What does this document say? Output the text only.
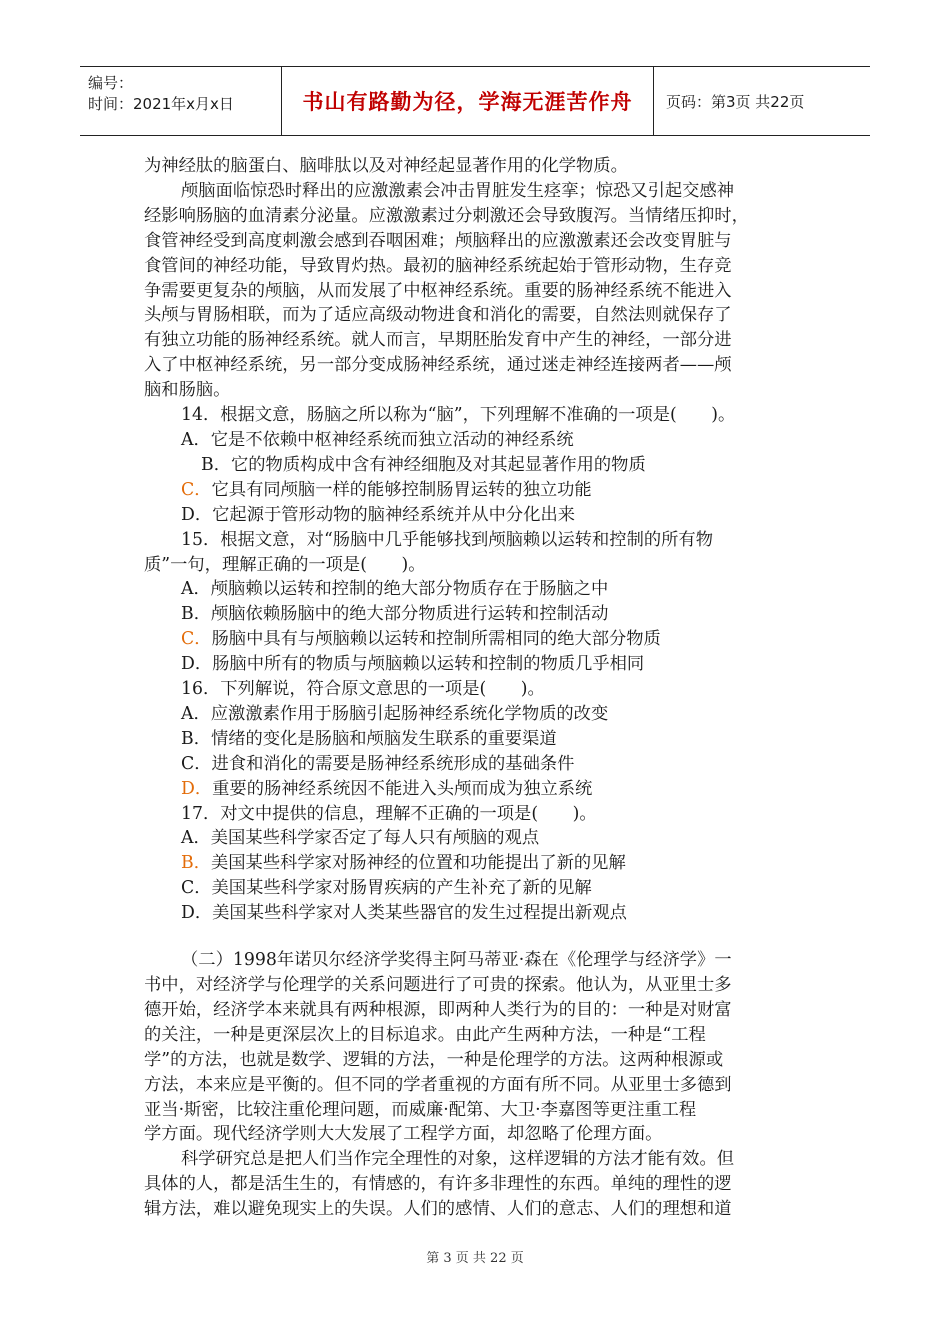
编号：
时间：2021年x月x日	书山有路勤为径，学海无涯苦作舟	页码：第3页 共22页
为神经肽的脑蛋白、脑啡肽以及对神经起显著作用的化学物质。
颅脑面临惊恐时释出的应激激素会冲击胃脏发生痉挛；惊恐又引起交感神
经影响肠脑的血清素分泌量。应激激素过分刺激还会导致腹泻。当情绪压抑时，
食管神经受到高度刺激会感到吞咽困难；颅脑释出的应激激素还会改变胃脏与
食管间的神经功能，导致胃灼热。最初的脑神经系统起始于管形动物，生存竞
争需要更复杂的颅脑，从而发展了中枢神经系统。重要的肠神经系统不能进入
头颅与胃肠相联，而为了适应高级动物进食和消化的需要，自然法则就保存了
有独立功能的肠神经系统。就人而言，早期胚胎发育中产生的神经，一部分进
入了中枢神经系统，另一部分变成肠神经系统，通过迷走神经连接两者——颅
脑和肠脑。
14．根据文意，肠脑之所以称为“脑”，下列理解不准确的一项是(　　)。
A．它是不依赖中枢神经系统而独立活动的神经系统
B．它的物质构成中含有神经细胞及对其起显著作用的物质
C．它具有同颅脑一样的能够控制肠胃运转的独立功能
D．它起源于管形动物的脑神经系统并从中分化出来
15．根据文意，对“肠脑中几乎能够找到颅脑赖以运转和控制的所有物
质”一句，理解正确的一项是(　　)。
A．颅脑赖以运转和控制的绝大部分物质存在于肠脑之中
B．颅脑依赖肠脑中的绝大部分物质进行运转和控制活动
C．肠脑中具有与颅脑赖以运转和控制所需相同的绝大部分物质
D．肠脑中所有的物质与颅脑赖以运转和控制的物质几乎相同
16．下列解说，符合原文意思的一项是(　　)。
A．应激激素作用于肠脑引起肠神经系统化学物质的改变
B．情绪的变化是肠脑和颅脑发生联系的重要渠道
C．进食和消化的需要是肠神经系统形成的基础条件
D．重要的肠神经系统因不能进入头颅而成为独立系统
17．对文中提供的信息，理解不正确的一项是(　　)。
A．美国某些科学家否定了每人只有颅脑的观点
B．美国某些科学家对肠神经的位置和功能提出了新的见解
C．美国某些科学家对肠胃疾病的产生补充了新的见解
D．美国某些科学家对人类某些器官的发生过程提出新观点
（二）1998年诺贝尔经济学奖得主阿马蒂亚·森在《伦理学与经济学》一
书中，对经济学与伦理学的关系问题进行了可贵的探索。他认为，从亚里士多
德开始，经济学本来就具有两种根源，即两种人类行为的目的：一种是对财富
的关注，一种是更深层次上的目标追求。由此产生两种方法，一种是“工程
学”的方法，也就是数学、逻辑的方法，一种是伦理学的方法。这两种根源或
方法，本来应是平衡的。但不同的学者重视的方面有所不同。从亚里士多德到
亚当·斯密，比较注重伦理问题，而威廉·配第、大卫·李嘉图等更注重工程
学方面。现代经济学则大大发展了工程学方面，却忽略了伦理方面。
科学研究总是把人们当作完全理性的对象，这样逻辑的方法才能有效。但
具体的人，都是活生生的，有情感的，有许多非理性的东西。单纯的理性的逻
辑方法，难以避免现实上的失误。人们的感情、人们的意志、人们的理想和道
第 3 页 共 22 页
